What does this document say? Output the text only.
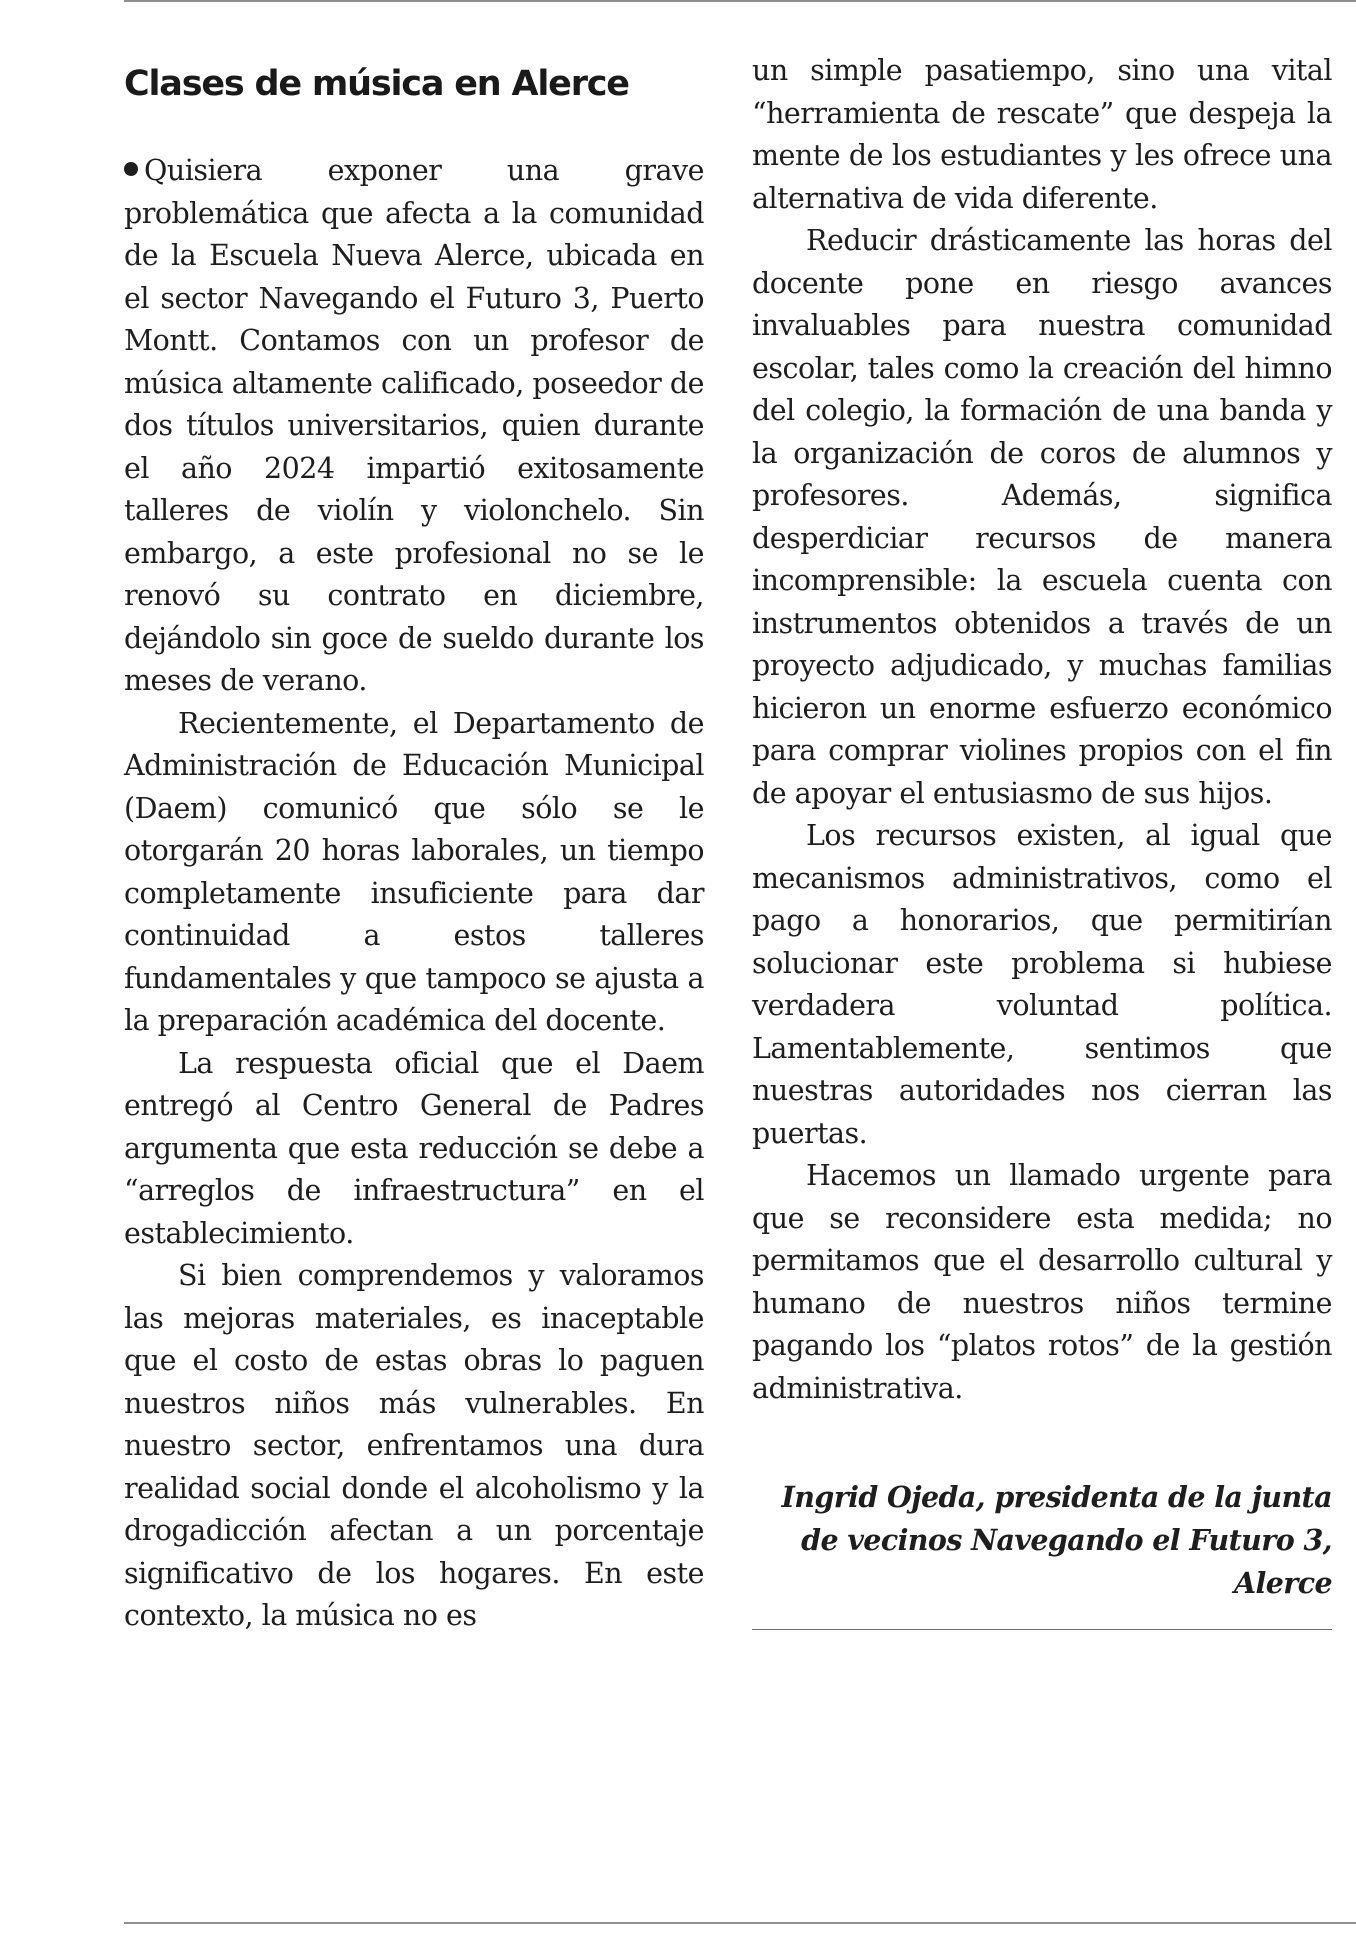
Clases de música en Alerce

Quisiera exponer una grave problemática que afecta a la comunidad de la Escuela Nueva Alerce, ubicada en el sector Navegando el Futuro 3, Puerto Montt. Contamos con un profesor de música altamente calificado, poseedor de dos títulos universitarios, quien durante el año 2024 impartió exitosamente talleres de violín y violonchelo. Sin embargo, a este profesional no se le renovó su contrato en diciembre, dejándolo sin goce de sueldo durante los meses de verano.

Recientemente, el Departamento de Administración de Educación Municipal (Daem) comunicó que sólo se le otorgarán 20 horas laborales, un tiempo completamente insuficiente para dar continuidad a estos talleres fundamentales y que tampoco se ajusta a la preparación académica del docente.

La respuesta oficial que el Daem entregó al Centro General de Padres argumenta que esta reducción se debe a “arreglos de infraestructura” en el establecimiento.

Si bien comprendemos y valoramos las mejoras materiales, es inaceptable que el costo de estas obras lo paguen nuestros niños más vulnerables. En nuestro sector, enfrentamos una dura realidad social donde el alcoholismo y la drogadicción afectan a un porcentaje significativo de los hogares. En este contexto, la música no es

un simple pasatiempo, sino una vital “herramienta de rescate” que despeja la mente de los estudiantes y les ofrece una alternativa de vida diferente.

Reducir drásticamente las horas del docente pone en riesgo avances invaluables para nuestra comunidad escolar, tales como la creación del himno del colegio, la formación de una banda y la organización de coros de alumnos y profesores. Además, significa desperdiciar recursos de manera incomprensible: la escuela cuenta con instrumentos obtenidos a través de un proyecto adjudicado, y muchas familias hicieron un enorme esfuerzo económico para comprar violines propios con el fin de apoyar el entusiasmo de sus hijos.

Los recursos existen, al igual que mecanismos administrativos, como el pago a honorarios, que permitirían solucionar este problema si hubiese verdadera voluntad política. Lamentablemente, sentimos que nuestras autoridades nos cierran las puertas.

Hacemos un llamado urgente para que se reconsidere esta medida; no permitamos que el desarrollo cultural y humano de nuestros niños termine pagando los “platos rotos” de la gestión administrativa.

Ingrid Ojeda, presidenta de la junta
de vecinos Navegando el Futuro 3,
Alerce
